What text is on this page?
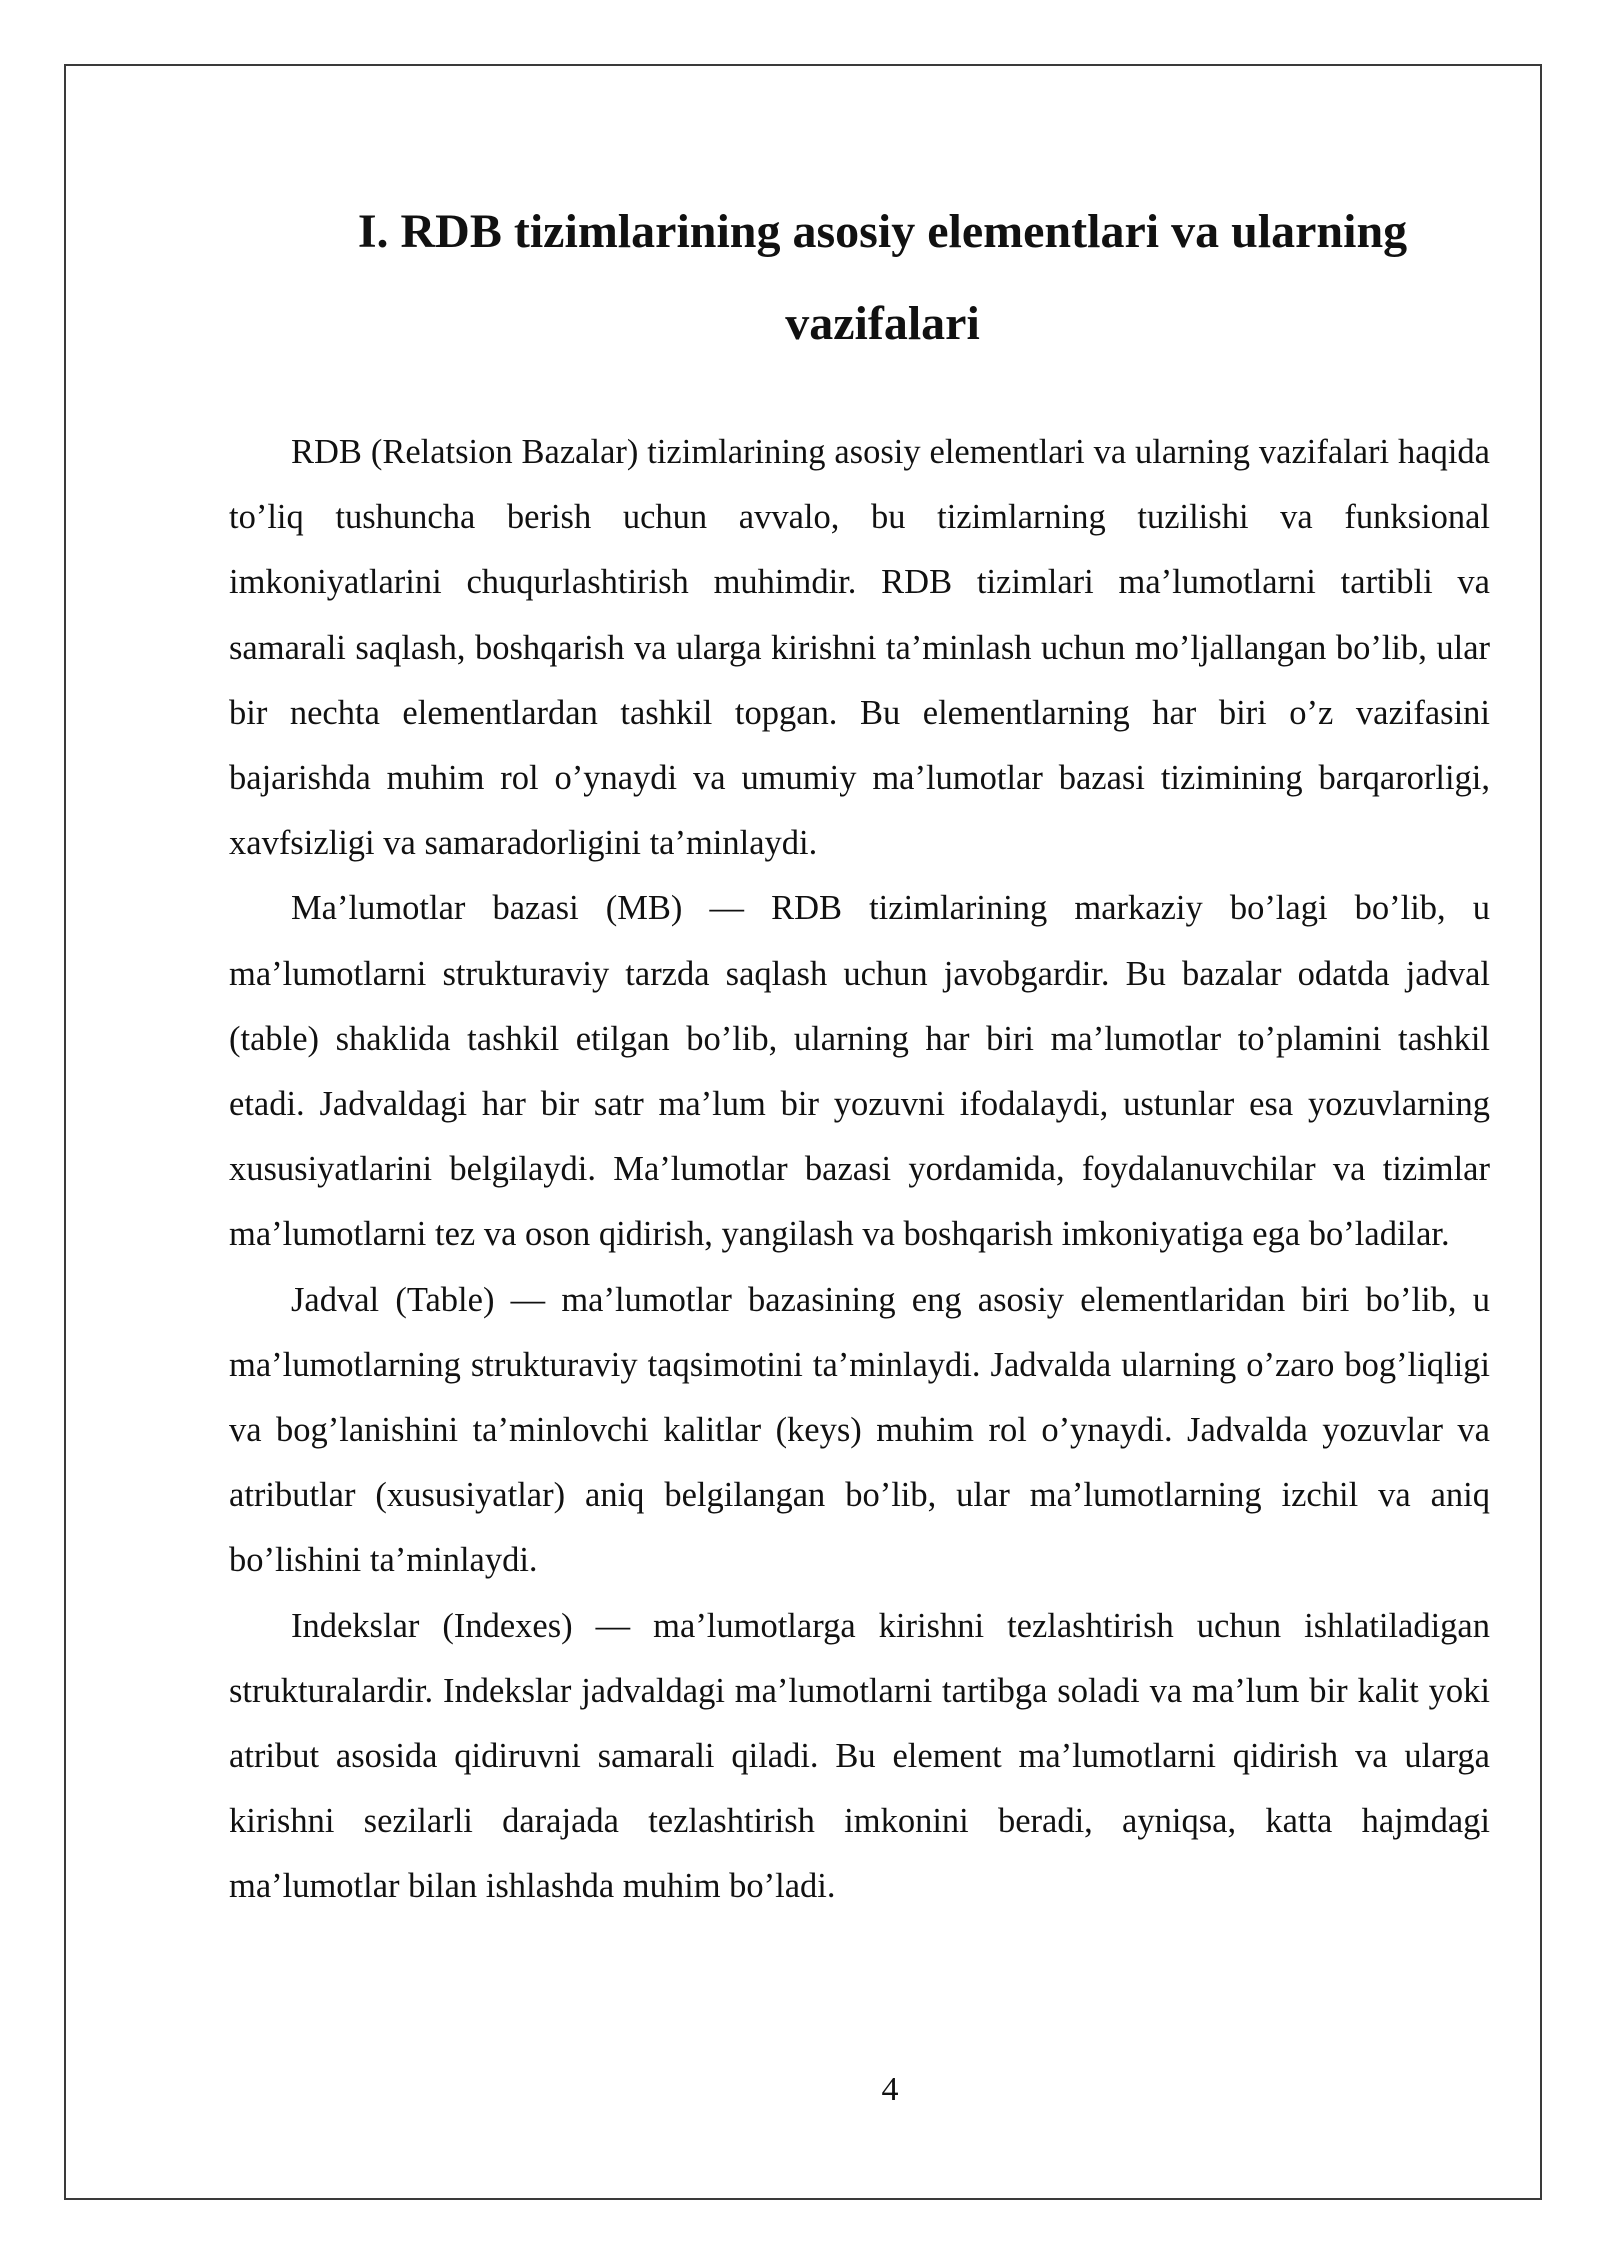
I. RDB tizimlarining asosiy elementlari va ularning vazifalari

RDB (Relatsion Bazalar) tizimlarining asosiy elementlari va ularning vazifalari haqida to’liq tushuncha berish uchun avvalo, bu tizimlarning tuzilishi va funksional imkoniyatlarini chuqurlashtirish muhimdir. RDB tizimlari ma’lumotlarni tartibli va samarali saqlash, boshqarish va ularga kirishni ta’minlash uchun mo’ljallangan bo’lib, ular bir nechta elementlardan tashkil topgan. Bu elementlarning har biri o’z vazifasini bajarishda muhim rol o’ynaydi va umumiy ma’lumotlar bazasi tizimining barqarorligi, xavfsizligi va samaradorligini ta’minlaydi.

Ma’lumotlar bazasi (MB) — RDB tizimlarining markaziy bo’lagi bo’lib, u ma’lumotlarni strukturaviy tarzda saqlash uchun javobgardir. Bu bazalar odatda jadval (table) shaklida tashkil etilgan bo’lib, ularning har biri ma’lumotlar to’plamini tashkil etadi. Jadvaldagi har bir satr ma’lum bir yozuvni ifodalaydi, ustunlar esa yozuvlarning xususiyatlarini belgilaydi. Ma’lumotlar bazasi yordamida, foydalanuvchilar va tizimlar ma’lumotlarni tez va oson qidirish, yangilash va boshqarish imkoniyatiga ega bo’ladilar.

Jadval (Table) — ma’lumotlar bazasining eng asosiy elementlaridan biri bo’lib, u ma’lumotlarning strukturaviy taqsimotini ta’minlaydi. Jadvalda ularning o’zaro bog’liqligi va bog’lanishini ta’minlovchi kalitlar (keys) muhim rol o’ynaydi. Jadvalda yozuvlar va atributlar (xususiyatlar) aniq belgilangan bo’lib, ular ma’lumotlarning izchil va aniq bo’lishini ta’minlaydi.

Indekslar (Indexes) — ma’lumotlarga kirishni tezlashtirish uchun ishlatiladigan strukturalardir. Indekslar jadvaldagi ma’lumotlarni tartibga soladi va ma’lum bir kalit yoki atribut asosida qidiruvni samarali qiladi. Bu element ma’lumotlarni qidirish va ularga kirishni sezilarli darajada tezlashtirish imkonini beradi, ayniqsa, katta hajmdagi ma’lumotlar bilan ishlashda muhim bo’ladi.

4
